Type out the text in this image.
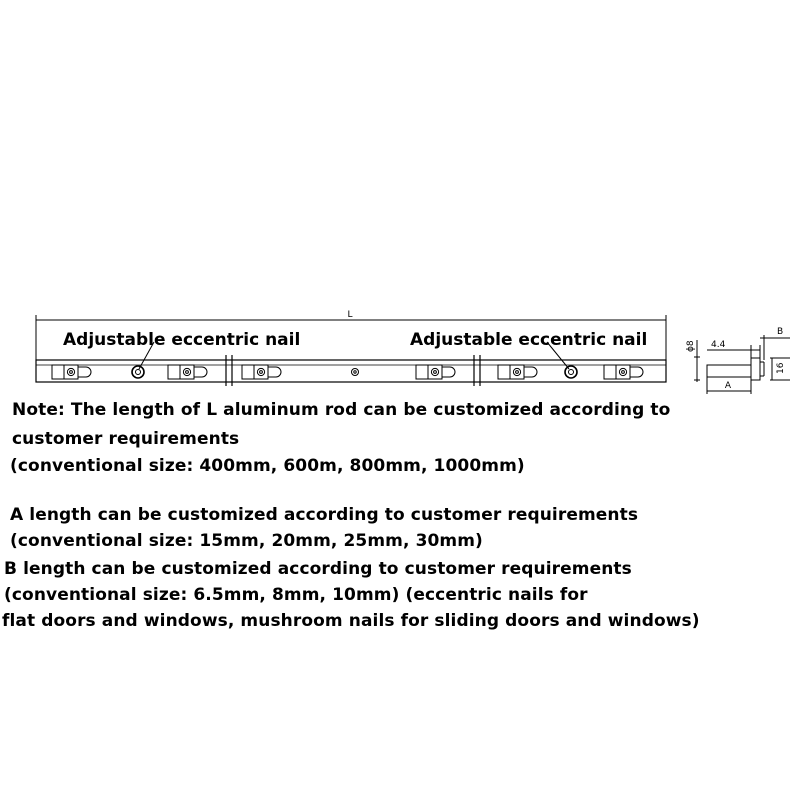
L
Adjustable eccentric nail	Adjustable eccentric nail	ϕ8 4.4
B
16
A
Note: The length of L aluminum rod can be customized according to
customer requirements
(conventional size: 400mm, 600m, 800mm, 1000mm)
A length can be customized according to customer requirements
(conventional size: 15mm, 20mm, 25mm, 30mm)
B length can be customized according to customer requirements
(conventional size: 6.5mm, 8mm, 10mm) (eccentric nails for
flat doors and windows, mushroom nails for sliding doors and windows)
